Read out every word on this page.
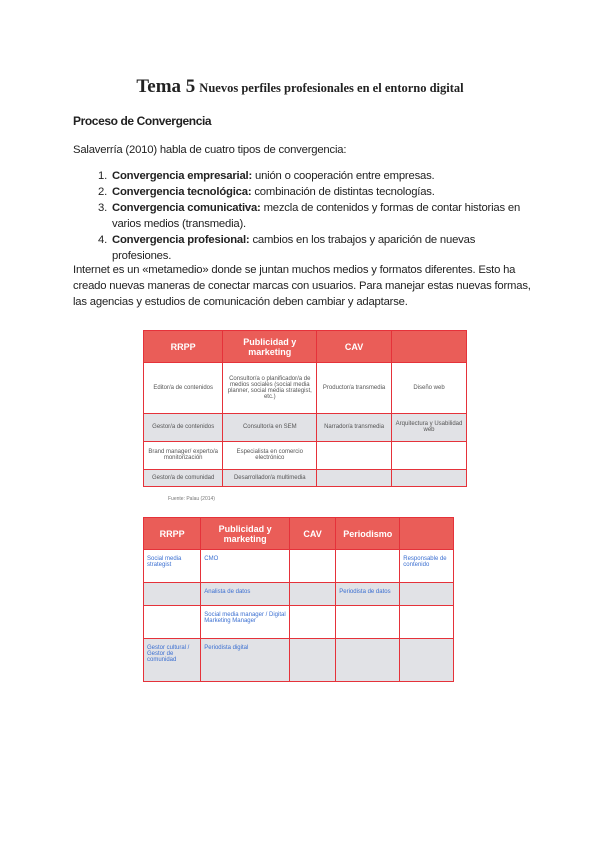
Tema 5 Nuevos perfiles profesionales en el entorno digital
Proceso de Convergencia
Salaverría (2010) habla de cuatro tipos de convergencia:
1. Convergencia empresarial: unión o cooperación entre empresas.
2. Convergencia tecnológica: combinación de distintas tecnologías.
3. Convergencia comunicativa: mezcla de contenidos y formas de contar historias en varios medios (transmedia).
4. Convergencia profesional: cambios en los trabajos y aparición de nuevas profesiones.
Internet es un «metamedio» donde se juntan muchos medios y formatos diferentes. Esto ha creado nuevas maneras de conectar marcas con usuarios. Para manejar estas nuevas formas, las agencias y estudios de comunicación deben cambiar y adaptarse.
RRPP	Publicidad y marketing	CAV	
Editor/a de contenidos	Consultor/a o planificador/a de medios sociales (social media planner, social media strategist, etc.)	Productor/a transmedia	Diseño web
Gestor/a de contenidos	Consultor/a en SEM	Narrador/a transmedia	Arquitectura y Usabilidad web
Brand manager/ experto/a monitorización	Especialista en comercio electrónico		
Gestor/a de comunidad	Desarrollador/a multimedia		
Fuente: Palau (2014)
RRPP	Publicidad y marketing	CAV	Periodismo	
Social media strategist	CMO			Responsable de contenido
	Analista de datos		Periodista de datos	
	Social media manager / Digital Marketing Manager			
Gestor cultural / Gestor de comunidad	Periodista digital			
